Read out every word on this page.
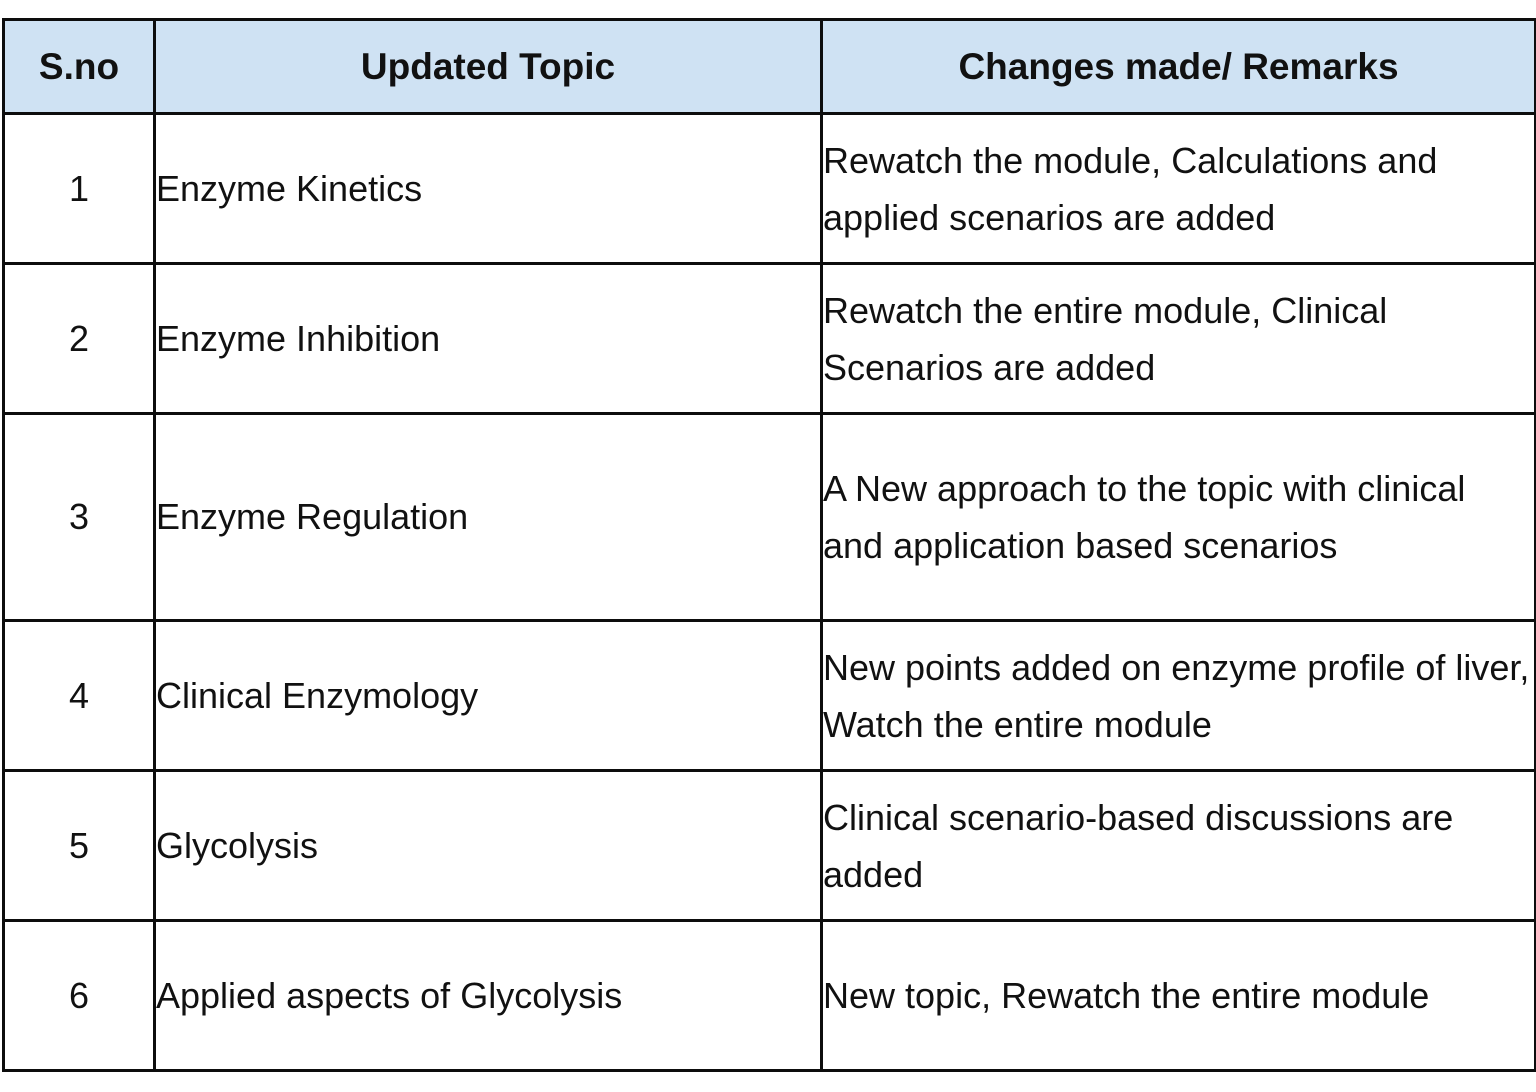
S.no	Updated Topic	Changes made/ Remarks
1	Enzyme Kinetics	Rewatch the module, Calculations and applied scenarios are added
2	Enzyme Inhibition	Rewatch the entire module, Clinical Scenarios are added
3	Enzyme Regulation	A New approach to the topic with clinical and application based scenarios
4	Clinical Enzymology	New points added on enzyme profile of liver, Watch the entire module
5	Glycolysis	Clinical scenario-based discussions are added
6	Applied aspects of Glycolysis	New topic, Rewatch the entire module
